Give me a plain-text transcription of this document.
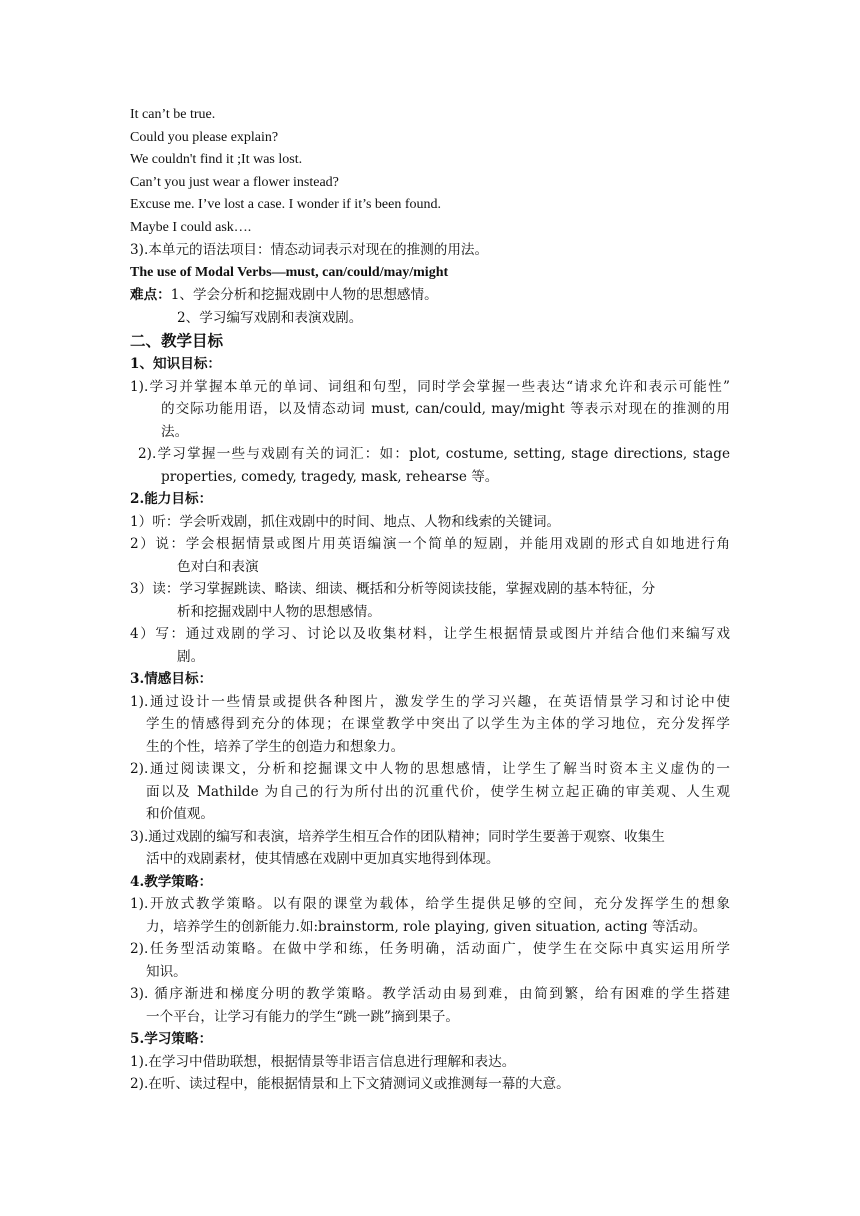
It can’t be true.
Could you please explain?
We couldn't find it ;It was lost.
Can’t you just wear a flower instead?
Excuse me. I’ve lost a case. I wonder if it’s been found.
Maybe I could ask….
3).本单元的语法项目：情态动词表示对现在的推测的用法。
The use of Modal Verbs—must, can/could/may/might
难点：1、学会分析和挖掘戏剧中人物的思想感情。
2、学习编写戏剧和表演戏剧。
二、教学目标
1、知识目标：
1).学习并掌握本单元的单词、词组和句型，同时学会掌握一些表达“请求允许和表示可能性”
的交际功能用语，以及情态动词 must, can/could, may/might 等表示对现在的推测的用
法。
2).学习掌握一些与戏剧有关的词汇：如：plot, costume, setting, stage directions, stage
properties, comedy, tragedy, mask, rehearse 等。
2.能力目标：
1）听：学会听戏剧，抓住戏剧中的时间、地点、人物和线索的关键词。
2）说：学会根据情景或图片用英语编演一个简单的短剧，并能用戏剧的形式自如地进行角
色对白和表演
3）读：学习掌握跳读、略读、细读、概括和分析等阅读技能，掌握戏剧的基本特征，分
析和挖掘戏剧中人物的思想感情。
4）写：通过戏剧的学习、讨论以及收集材料，让学生根据情景或图片并结合他们来编写戏
剧。
3.情感目标：
1).通过设计一些情景或提供各种图片，激发学生的学习兴趣，在英语情景学习和讨论中使
学生的情感得到充分的体现；在课堂教学中突出了以学生为主体的学习地位，充分发挥学
生的个性，培养了学生的创造力和想象力。
2).通过阅读课文，分析和挖掘课文中人物的思想感情，让学生了解当时资本主义虚伪的一
面以及 Mathilde 为自己的行为所付出的沉重代价，使学生树立起正确的审美观、人生观
和价值观。
3).通过戏剧的编写和表演，培养学生相互合作的团队精神；同时学生要善于观察、收集生
活中的戏剧素材，使其情感在戏剧中更加真实地得到体现。
4.教学策略：
1).开放式教学策略。以有限的课堂为载体，给学生提供足够的空间，充分发挥学生的想象
力，培养学生的创新能力.如:brainstorm, role playing, given situation, acting 等活动。
2).任务型活动策略。在做中学和练，任务明确，活动面广，使学生在交际中真实运用所学
知识。
3). 循序渐进和梯度分明的教学策略。教学活动由易到难，由简到繁，给有困难的学生搭建
一个平台，让学习有能力的学生“跳一跳”摘到果子。
5.学习策略：
1).在学习中借助联想，根据情景等非语言信息进行理解和表达。
2).在听、读过程中，能根据情景和上下文猜测词义或推测每一幕的大意。
